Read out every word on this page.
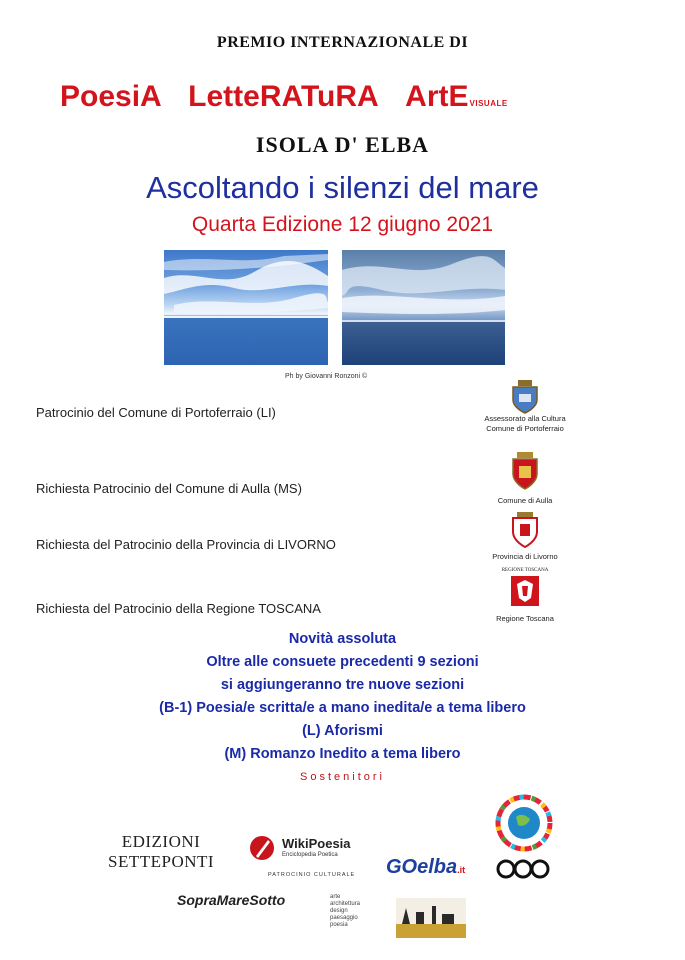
PREMIO INTERNAZIONALE DI
PoesiA LetteRATuRA ArtEVISUALE
ISOLA D' ELBA
Ascoltando i silenzi del mare
Quarta Edizione 12 giugno 2021
Ph by Giovanni Ronzoni ©
Patrocinio del Comune di Portoferraio (LI)
Richiesta Patrocinio del Comune di Aulla (MS)
Richiesta del Patrocinio della Provincia di LIVORNO
Richiesta del Patrocinio della Regione TOSCANA
Assessorato alla Cultura
Comune di Portoferraio
Comune di Aulla
Provincia di Livorno
REGIONE TOSCANA
Regione Toscana
Novità assoluta
Oltre alle consuete precedenti 9 sezioni
si aggiungeranno tre nuove sezioni
(B-1) Poesia/e scritta/e a mano inedita/e a tema libero
(L) Aforismi
(M) Romanzo Inedito a tema libero
Sostenitori
EDIZIONI
SETTEPONTI
WikiPoesia
Enciclopedia Poetica
PATROCINIO CULTURALE GOelba.it
SopraMareSotto	arte
architettura
design
paesaggio
poesia
